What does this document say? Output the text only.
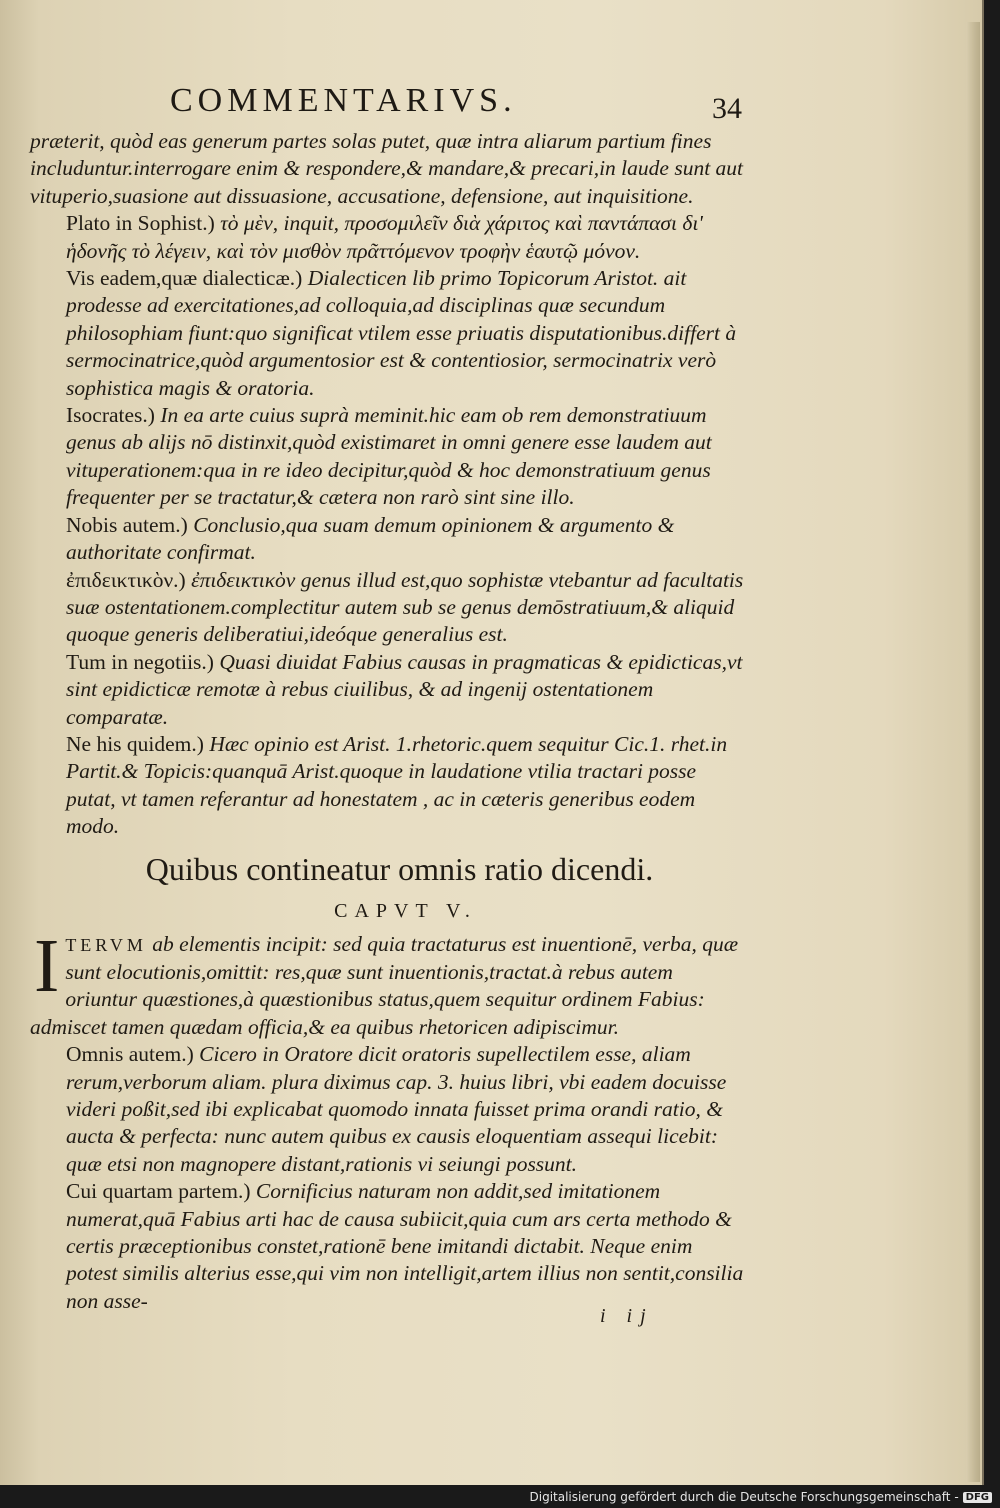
COMMENTARIVS.	34

præterit, quòd eas generum partes solas putet, quæ intra aliarum partium fines includuntur.interrogare enim & respondere,& mandare,& precari,in laude sunt aut vituperio,suasione aut dissuasione, accusatione, defensione, aut inquisitione.

Plato in Sophist.) τὸ μὲν, inquit, προσομιλεῖν διὰ χάριτος καὶ παντάπασι δι' ἡδονῆς τὸ λέγειν, καὶ τὸν μισθὸν πρᾶττόμενον τροφὴν ἑαυτῷ μόνον.

Vis eadem,quæ dialecticæ.) Dialecticen lib primo Topicorum Aristot. ait prodesse ad exercitationes,ad colloquia,ad disciplinas quæ secundum philosophiam fiunt:quo significat vtilem esse priuatis disputationibus.differt à sermocinatrice,quòd argumentosior est & contentiosior, sermocinatrix verò sophistica magis & oratoria.

Isocrates.) In ea arte cuius suprà meminit.hic eam ob rem demonstratiuum genus ab alijs nō distinxit,quòd existimaret in omni genere esse laudem aut vituperationem:qua in re ideo decipitur,quòd & hoc demonstratiuum genus frequenter per se tractatur,& cætera non rarò sint sine illo.

Nobis autem.) Conclusio,qua suam demum opinionem & argumento & authoritate confirmat.

ἐπιδεικτικὸν.) ἐπιδεικτικὸν genus illud est,quo sophistæ vtebantur ad facultatis suæ ostentationem.complectitur autem sub se genus demōstratiuum,& aliquid quoque generis deliberatiui,ideóque generalius est.

Tum in negotiis.) Quasi diuidat Fabius causas in pragmaticas & epidicticas,vt sint epidicticæ remotæ à rebus ciuilibus, & ad ingenij ostentationem comparatæ.

Ne his quidem.) Hæc opinio est Arist. 1.rhetoric.quem sequitur Cic.1. rhet.in Partit.& Topicis:quanquā Arist.quoque in laudatione vtilia tractari posse putat, vt tamen referantur ad honestatem , ac in cæteris generibus eodem modo.

Quibus contineatur omnis ratio dicendi.
CAPVT V.

ITERVM ab elementis incipit: sed quia tractaturus est inuentionē, verba, quæ sunt elocutionis,omittit: res,quæ sunt inuentionis,tractat.à rebus autem oriuntur quæstiones,à quæstionibus status,quem sequitur ordinem Fabius: admiscet tamen quædam officia,& ea quibus rhetoricen adipiscimur.

Omnis autem.) Cicero in Oratore dicit oratoris supellectilem esse, aliam rerum,verborum aliam. plura diximus cap. 3. huius libri, vbi eadem docuisse videri poßit,sed ibi explicabat quomodo innata fuisset prima orandi ratio, & aucta & perfecta: nunc autem quibus ex causis eloquentiam assequi licebit: quæ etsi non magnopere distant,rationis vi seiungi possunt.

Cui quartam partem.) Cornificius naturam non addit,sed imitationem numerat,quā Fabius arti hac de causa subiicit,quia cum ars certa methodo & certis præceptionibus constet,rationē bene imitandi dictabit. Neque enim potest similis alterius esse,qui vim non intelligit,artem illius non sentit,consilia non asse-

i ij
Digitalisierung gefördert durch die Deutsche Forschungsgemeinschaft - DFG
